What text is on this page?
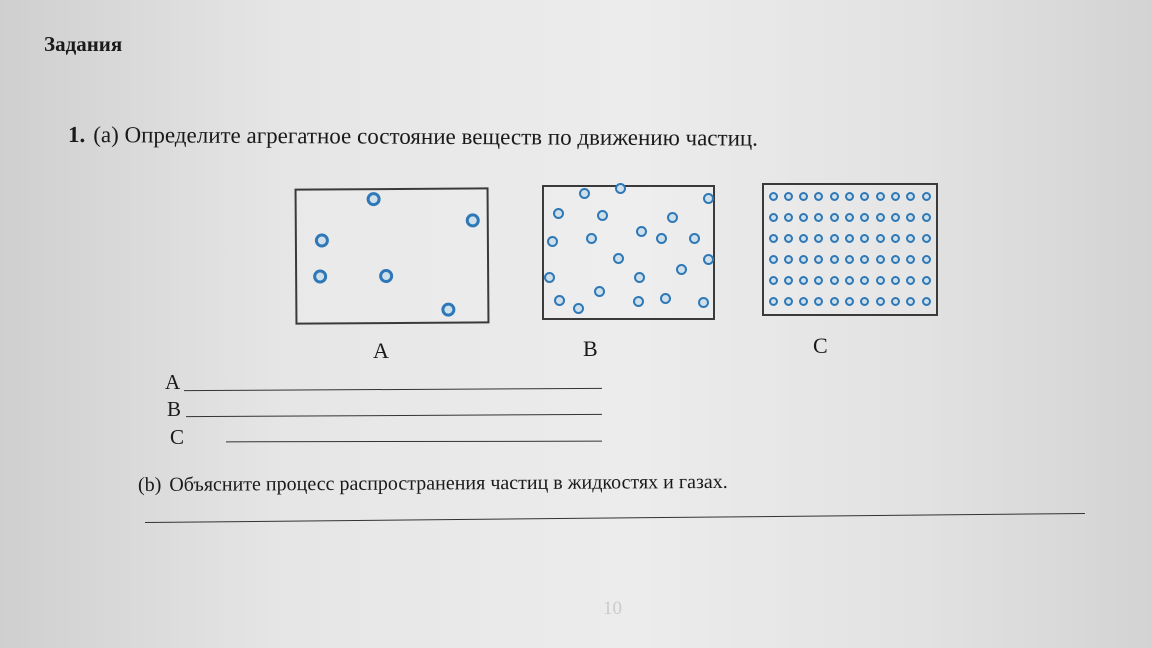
Задания
1. (a) Определите агрегатное состояние веществ по движению частиц.
A	B	C
A
B
C
(b) Объясните процесс распространения частиц в жидкостях и газах.
10
